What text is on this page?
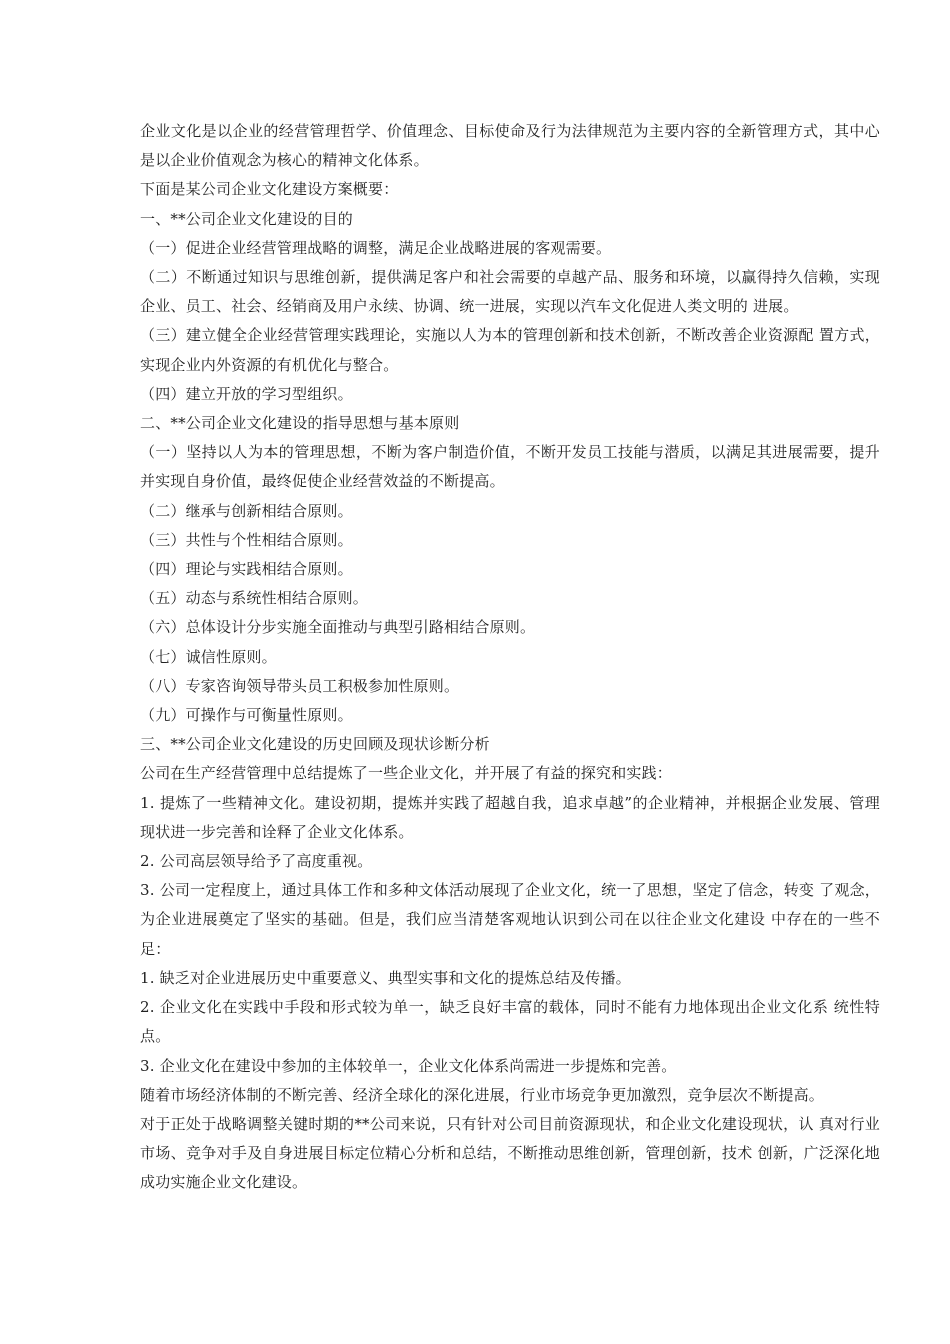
企业文化是以企业的经营管理哲学、价值理念、目标使命及行为法律规范为主要内容的全新管理方式，其中心是以企业价值观念为核心的精神文化体系。

下面是某公司企业文化建设方案概要：

一、**公司企业文化建设的目的

（一）促进企业经营管理战略的调整，满足企业战略进展的客观需要。

（二）不断通过知识与思维创新，提供满足客户和社会需要的卓越产品、服务和环境，以赢得持久信赖，实现企业、员工、社会、经销商及用户永续、协调、统一进展，实现以汽车文化促进人类文明的 进展。

（三）建立健全企业经营管理实践理论，实施以人为本的管理创新和技术创新，不断改善企业资源配 置方式，实现企业内外资源的有机优化与整合。

（四）建立开放的学习型组织。

二、**公司企业文化建设的指导思想与基本原则

（一）坚持以人为本的管理思想，不断为客户制造价值，不断开发员工技能与潜质，以满足其进展需要，提升并实现自身价值，最终促使企业经营效益的不断提高。

（二）继承与创新相结合原则。

（三）共性与个性相结合原则。

（四）理论与实践相结合原则。

（五）动态与系统性相结合原则。

（六）总体设计分步实施全面推动与典型引路相结合原则。

（七）诚信性原则。

（八）专家咨询领导带头员工积极参加性原则。

（九）可操作与可衡量性原则。

三、**公司企业文化建设的历史回顾及现状诊断分析

公司在生产经营管理中总结提炼了一些企业文化，并开展了有益的探究和实践：

1. 提炼了一些精神文化。建设初期，提炼并实践了超越自我，追求卓越”的企业精神，并根据企业发展、管理现状进一步完善和诠释了企业文化体系。

2. 公司高层领导给予了高度重视。

3. 公司一定程度上，通过具体工作和多种文体活动展现了企业文化，统一了思想，坚定了信念，转变 了观念，为企业进展奠定了坚实的基础。但是，我们应当清楚客观地认识到公司在以往企业文化建设 中存在的一些不足：

1. 缺乏对企业进展历史中重要意义、典型实事和文化的提炼总结及传播。

2. 企业文化在实践中手段和形式较为单一，缺乏良好丰富的载体，同时不能有力地体现出企业文化系 统性特点。

3. 企业文化在建设中参加的主体较单一，企业文化体系尚需进一步提炼和完善。

随着市场经济体制的不断完善、经济全球化的深化进展，行业市场竞争更加激烈，竞争层次不断提高。

对于正处于战略调整关键时期的**公司来说，只有针对公司目前资源现状，和企业文化建设现状，认 真对行业市场、竞争对手及自身进展目标定位精心分析和总结，不断推动思维创新，管理创新，技术 创新，广泛深化地成功实施企业文化建设。
